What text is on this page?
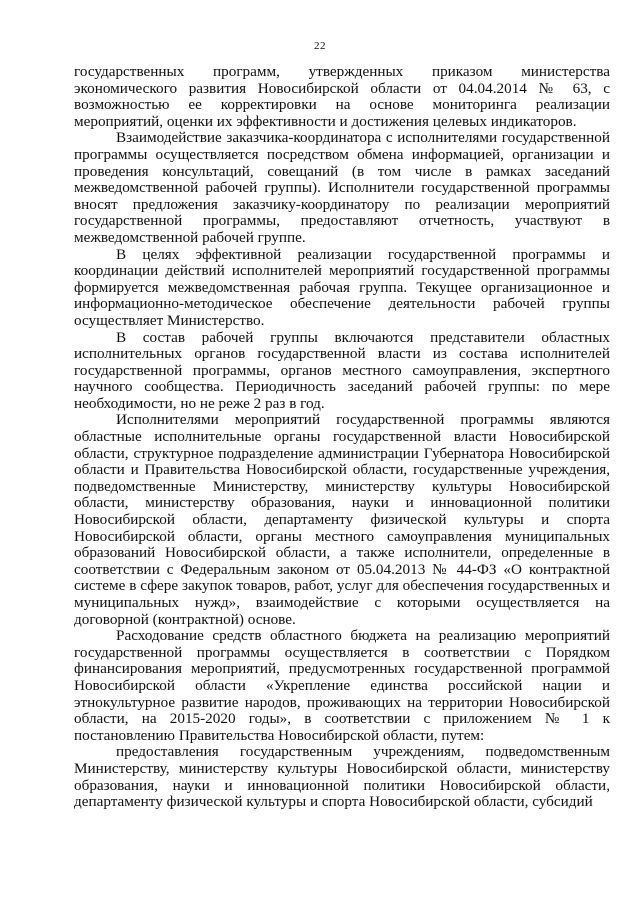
22

государственных программ, утвержденных приказом министерства экономического развития Новосибирской области от 04.04.2014 № 63, с возможностью ее корректировки на основе мониторинга реализации мероприятий, оценки их эффективности и достижения целевых индикаторов.

Взаимодействие заказчика-координатора с исполнителями государственной программы осуществляется посредством обмена информацией, организации и проведения консультаций, совещаний (в том числе в рамках заседаний межведомственной рабочей группы). Исполнители государственной программы вносят предложения заказчику-координатору по реализации мероприятий государственной программы, предоставляют отчетность, участвуют в межведомственной рабочей группе.

В целях эффективной реализации государственной программы и координации действий исполнителей мероприятий государственной программы формируется межведомственная рабочая группа. Текущее организационное и информационно-методическое обеспечение деятельности рабочей группы осуществляет Министерство.

В состав рабочей группы включаются представители областных исполнительных органов государственной власти из состава исполнителей государственной программы, органов местного самоуправления, экспертного научного сообщества. Периодичность заседаний рабочей группы: по мере необходимости, но не реже 2 раз в год.

Исполнителями мероприятий государственной программы являются областные исполнительные органы государственной власти Новосибирской области, структурное подразделение администрации Губернатора Новосибирской области и Правительства Новосибирской области, государственные учреждения, подведомственные Министерству, министерству культуры Новосибирской области, министерству образования, науки и инновационной политики Новосибирской области, департаменту физической культуры и спорта Новосибирской области, органы местного самоуправления муниципальных образований Новосибирской области, а также исполнители, определенные в соответствии с Федеральным законом от 05.04.2013 № 44-ФЗ «О контрактной системе в сфере закупок товаров, работ, услуг для обеспечения государственных и муниципальных нужд», взаимодействие с которыми осуществляется на договорной (контрактной) основе.

Расходование средств областного бюджета на реализацию мероприятий государственной программы осуществляется в соответствии с Порядком финансирования мероприятий, предусмотренных государственной программой Новосибирской области «Укрепление единства российской нации и этнокультурное развитие народов, проживающих на территории Новосибирской области, на 2015-2020 годы», в соответствии с приложением № 1 к постановлению Правительства Новосибирской области, путем:

предоставления государственным учреждениям, подведомственным Министерству, министерству культуры Новосибирской области, министерству образования, науки и инновационной политики Новосибирской области, департаменту физической культуры и спорта Новосибирской области, субсидий
